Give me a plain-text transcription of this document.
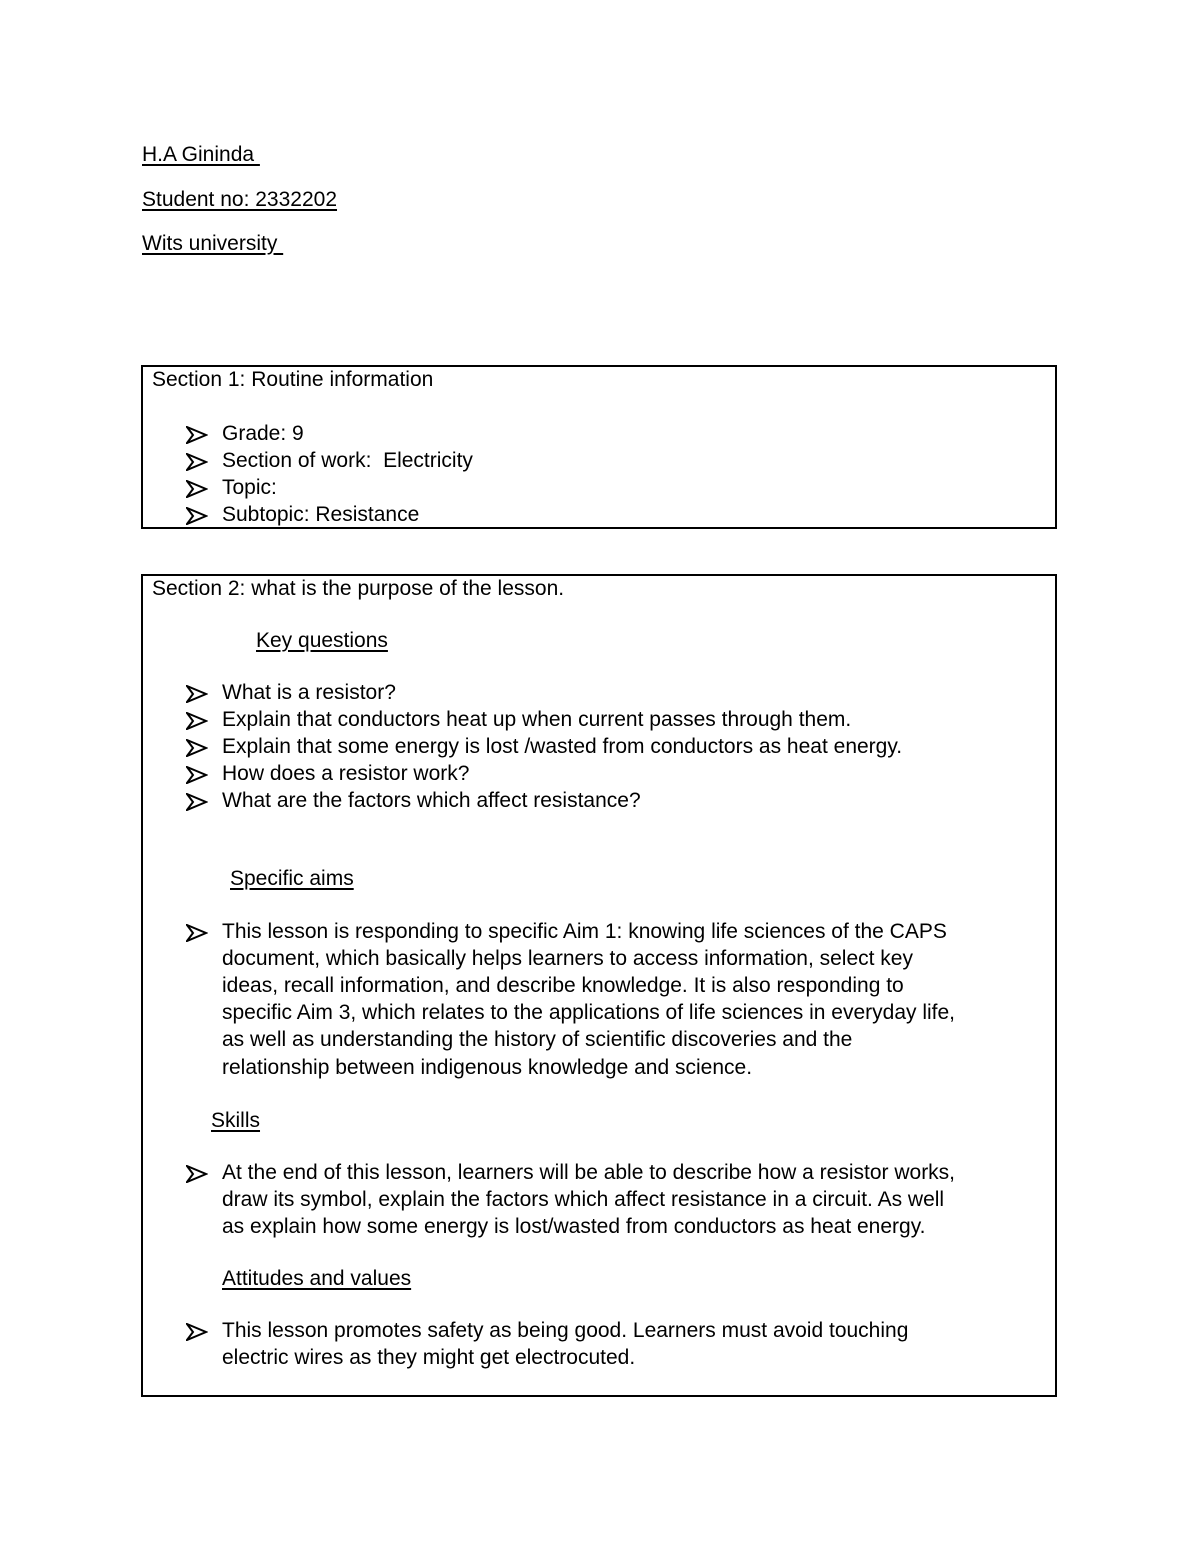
H.A Gininda
Student no: 2332202
Wits university
Section 1: Routine information
Grade: 9
Section of work:  Electricity
Topic:
Subtopic: Resistance
Section 2: what is the purpose of the lesson.
Key questions
What is a resistor?
Explain that conductors heat up when current passes through them.
Explain that some energy is lost /wasted from conductors as heat energy.
How does a resistor work?
What are the factors which affect resistance?
Specific aims
This lesson is responding to specific Aim 1: knowing life sciences of the CAPS
document, which basically helps learners to access information, select key
ideas, recall information, and describe knowledge. It is also responding to
specific Aim 3, which relates to the applications of life sciences in everyday life,
as well as understanding the history of scientific discoveries and the
relationship between indigenous knowledge and science.
Skills
At the end of this lesson, learners will be able to describe how a resistor works,
draw its symbol, explain the factors which affect resistance in a circuit. As well
as explain how some energy is lost/wasted from conductors as heat energy.
Attitudes and values
This lesson promotes safety as being good. Learners must avoid touching
electric wires as they might get electrocuted.
